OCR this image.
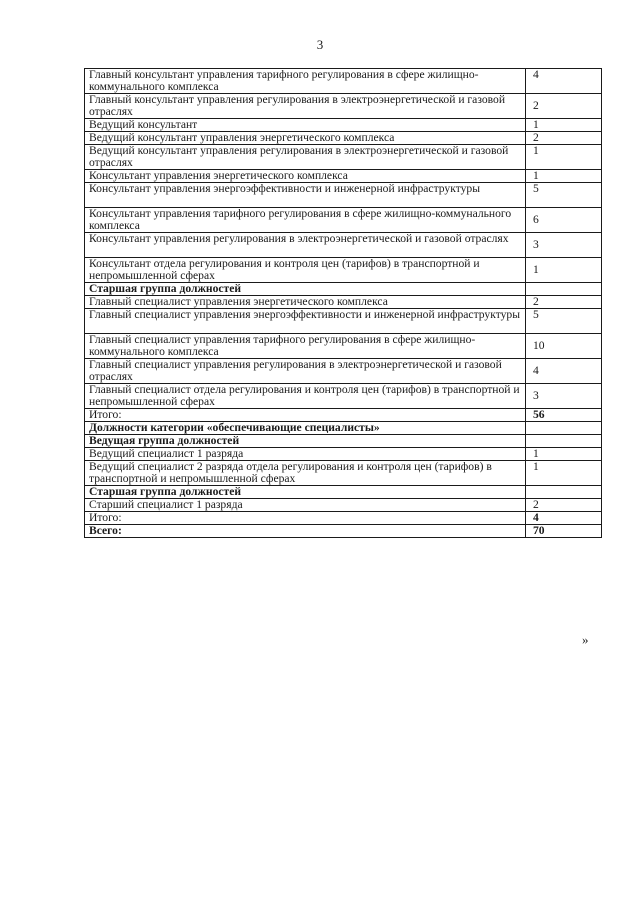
3
Главный консультант управления тарифного регулирования в сфере жилищно-коммунального комплекса	4
Главный консультант управления регулирования в электроэнергетической и газовой отраслях	2
Ведущий консультант	1
Ведущий консультант управления энергетического комплекса	2
Ведущий консультант управления регулирования в электроэнергетической и газовой отраслях	1
Консультант управления энергетического комплекса	1
Консультант управления энергоэффективности и инженерной инфраструктуры	5
Консультант управления тарифного регулирования в сфере жилищно-коммунального комплекса	6
Консультант управления регулирования в электроэнергетической и газовой отраслях	3
Консультант отдела регулирования и контроля цен (тарифов) в транспортной и непромышленной сферах	1
Старшая группа должностей	
Главный специалист управления энергетического комплекса	2
Главный специалист управления энергоэффективности и инженерной инфраструктуры	5
Главный специалист управления тарифного регулирования в сфере жилищно-коммунального комплекса	10
Главный специалист управления регулирования в электроэнергетической и газовой отраслях	4
Главный специалист отдела регулирования и контроля цен (тарифов) в транспортной и непромышленной сферах	3
Итого:	56
Должности категории «обеспечивающие специалисты»	
Ведущая группа должностей	
Ведущий специалист 1 разряда	1
Ведущий специалист 2 разряда отдела регулирования и контроля цен (тарифов) в транспортной и непромышленной сферах	1
Старшая группа должностей	
Старший специалист 1 разряда	2
Итого:	4
Всего:	70
»
